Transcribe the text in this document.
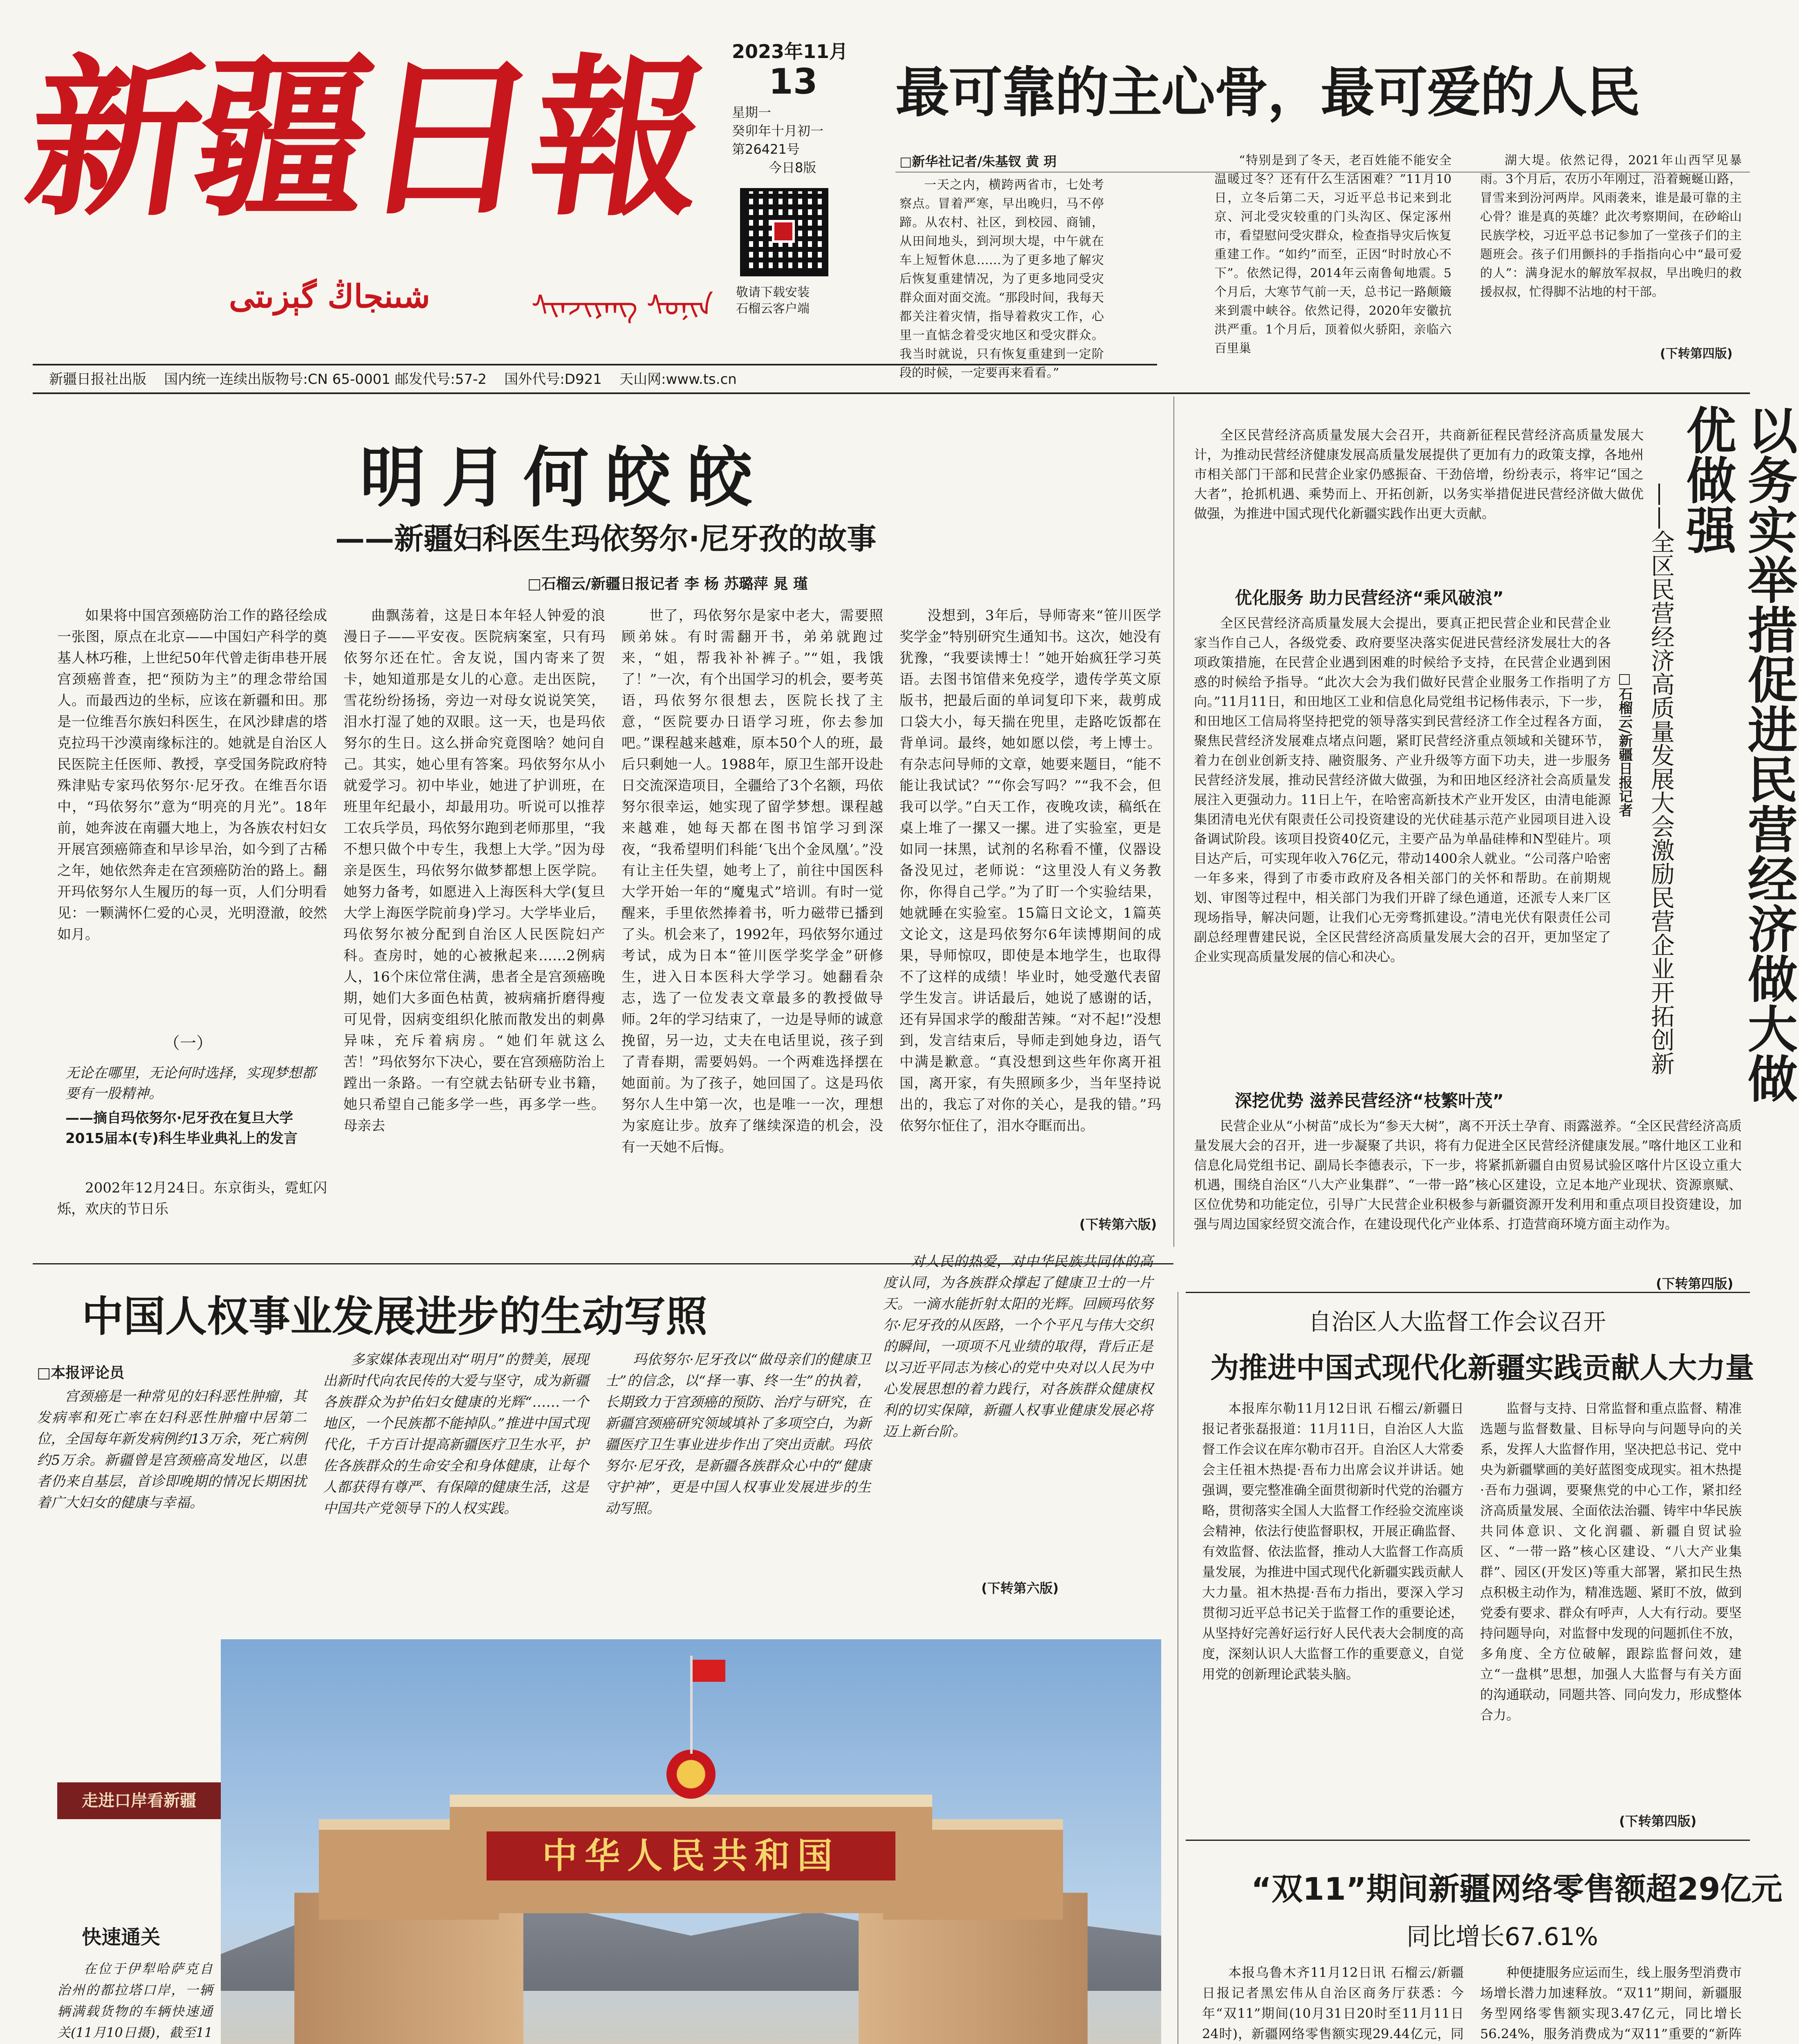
新疆日報
شىنجاڭ گېزىتى	ᠰᠢᠨᠵᠢᠶᠠᠩ ᠰᠣᠨᠢᠨ
2023年11月
13
星期一
癸卯年十月初一
第26421号
今日8版
敬请下载安装
石榴云客户端
新疆日报社出版 国内统一连续出版物号:CN 65-0001 邮发代号:57-2 国外代号:D921 天山网:www.ts.cn
最可靠的主心骨，最可爱的人民
□新华社记者/朱基钗 黄 玥

一天之内，横跨两省市，七处考察点。冒着严寒，早出晚归，马不停蹄。从农村、社区，到校园、商铺，从田间地头，到河坝大堤，中午就在车上短暂休息……为了更多地了解灾后恢复重建情况，为了更多地同受灾群众面对面交流。“那段时间，我每天都关注着灾情，指导着救灾工作，心里一直惦念着受灾地区和受灾群众。我当时就说，只有恢复重建到一定阶段的时候，一定要再来看看。”

“特别是到了冬天，老百姓能不能安全温暖过冬？还有什么生活困难？”11月10日，立冬后第二天，习近平总书记来到北京、河北受灾较重的门头沟区、保定涿州市，看望慰问受灾群众，检查指导灾后恢复重建工作。“如约”而至，正因“时时放心不下”。依然记得，2014年云南鲁甸地震。5个月后，大寒节气前一天，总书记一路颠簸来到震中峡谷。依然记得，2020年安徽抗洪严重。1个月后，顶着似火骄阳，亲临六百里巢

湖大堤。依然记得，2021年山西罕见暴雨。3个月后，农历小年刚过，沿着蜿蜒山路，冒雪来到汾河两岸。风雨袭来，谁是最可靠的主心骨？谁是真的英雄？此次考察期间，在砂峪山民族学校，习近平总书记参加了一堂孩子们的主题班会。孩子们用颤抖的手指指向心中“最可爱的人”：满身泥水的解放军叔叔，早出晚归的救援叔叔，忙得脚不沾地的村干部。

(下转第四版)
明月何皎皎
——新疆妇科医生玛依努尔·尼牙孜的故事
□石榴云/新疆日报记者 李 杨 苏璐萍 晁 瑾

如果将中国宫颈癌防治工作的路径绘成一张图，原点在北京——中国妇产科学的奠基人林巧稚，上世纪50年代曾走街串巷开展宫颈癌普查，把“预防为主”的理念带给国人。而最西边的坐标，应该在新疆和田。那是一位维吾尔族妇科医生，在风沙肆虐的塔克拉玛干沙漠南缘标注的。她就是自治区人民医院主任医师、教授，享受国务院政府特殊津贴专家玛依努尔·尼牙孜。在维吾尔语中，“玛依努尔”意为“明亮的月光”。18年前，她奔波在南疆大地上，为各族农村妇女开展宫颈癌筛查和早诊早治，如今到了古稀之年，她依然奔走在宫颈癌防治的路上。翻开玛依努尔人生履历的每一页，人们分明看见：一颗满怀仁爱的心灵，光明澄澈，皎然如月。

（一）
无论在哪里，无论何时选择，实现梦想都要有一股精神。
——摘自玛依努尔·尼牙孜在复旦大学2015届本(专)科生毕业典礼上的发言

2002年12月24日。东京街头，霓虹闪烁，欢庆的节日乐

曲飘荡着，这是日本年轻人钟爱的浪漫日子——平安夜。医院病案室，只有玛依努尔还在忙。舍友说，国内寄来了贺卡，她知道那是女儿的心意。走出医院，雪花纷纷扬扬，旁边一对母女说说笑笑，泪水打湿了她的双眼。这一天，也是玛依努尔的生日。这么拼命究竟图啥？她问自己。其实，她心里有答案。玛依努尔从小就爱学习。初中毕业，她进了护训班，在班里年纪最小，却最用功。听说可以推荐工农兵学员，玛依努尔跑到老师那里，“我不想只做个中专生，我想上大学。”因为母亲是医生，玛依努尔做梦都想上医学院。她努力备考，如愿进入上海医科大学(复旦大学上海医学院前身)学习。大学毕业后，玛依努尔被分配到自治区人民医院妇产科。查房时，她的心被揪起来……2例病人，16个床位常住满，患者全是宫颈癌晚期，她们大多面色枯黄，被病痛折磨得瘦可见骨，因病变组织化脓而散发出的刺鼻异味，充斥着病房。“她们年就这么苦！”玛依努尔下决心，要在宫颈癌防治上蹚出一条路。一有空就去钻研专业书籍，她只希望自己能多学一些，再多学一些。母亲去

世了，玛依努尔是家中老大，需要照顾弟妹。有时需翻开书，弟弟就跑过来，“姐，帮我补补裤子。”“姐，我饿了！”一次，有个出国学习的机会，要考英语，玛依努尔很想去，医院长找了主意，“医院要办日语学习班，你去参加吧。”课程越来越难，原本50个人的班，最后只剩她一人。1988年，原卫生部开设赴日交流深造项目，全疆给了3个名额，玛依努尔很幸运，她实现了留学梦想。课程越来越难，她每天都在图书馆学习到深夜，“我希望明们科能‘飞出个金凤凰’。”没有让主任失望，她考上了，前往中国医科大学开始一年的“魔鬼式”培训。有时一觉醒来，手里依然捧着书，听力磁带已播到了头。机会来了，1992年，玛依努尔通过考试，成为日本“笹川医学奖学金”研修生，进入日本医科大学学习。她翻看杂志，选了一位发表文章最多的教授做导师。2年的学习结束了，一边是导师的诚意挽留，另一边，丈夫在电话里说，孩子到了青春期，需要妈妈。一个两难选择摆在她面前。为了孩子，她回国了。这是玛依努尔人生中第一次，也是唯一一次，理想为家庭让步。放弃了继续深造的机会，没有一天她不后悔。

没想到，3年后，导师寄来“笹川医学奖学金”特别研究生通知书。这次，她没有犹豫，“我要读博士！”她开始疯狂学习英语。去图书馆借来免疫学，遗传学英文原版书，把最后面的单词复印下来，裁剪成口袋大小，每天揣在兜里，走路吃饭都在背单词。最终，她如愿以偿，考上博士。有杂志问导师的文章，她要来题目，“能不能让我试试？”“你会写吗？”“我不会，但我可以学。”白天工作，夜晚攻读，稿纸在桌上堆了一摞又一摞。进了实验室，更是如同一抹黑，试剂的名称看不懂，仪器设备没见过，老师说：“这里没人有义务教你，你得自己学。”为了盯一个实验结果，她就睡在实验室。15篇日文论文，1篇英文论文，这是玛依努尔6年读博期间的成果，导师惊叹，即使是本地学生，也取得不了这样的成绩！毕业时，她受邀代表留学生发言。讲话最后，她说了感谢的话，还有异国求学的酸甜苦辣。“对不起!”没想到，发言结束后，导师走到她身边，语气中满是歉意。“真没想到这些年你离开祖国，离开家，有失照顾多少，当年坚持说出的，我忘了对你的关心，是我的错。”玛依努尔怔住了，泪水夺眶而出。

(下转第六版)

全区民营经济高质量发展大会召开，共商新征程民营经济高质量发展大计，为推动民营经济健康发展高质量发展提供了更加有力的政策支撑，各地州市相关部门干部和民营企业家仍感振奋、干劲倍增，纷纷表示，将牢记“国之大者”，抢抓机遇、乘势而上、开拓创新，以务实举措促进民营经济做大做优做强，为推进中国式现代化新疆实践作出更大贡献。	以务实举措促进民营经济做大做优做强
——全区民营经济高质量发展大会激励民营企业开拓创新
□石榴云/新疆日报记者
优化服务 助力民营经济“乘风破浪”

全区民营经济高质量发展大会提出，要真正把民营企业和民营企业家当作自己人，各级党委、政府要坚决落实促进民营经济发展壮大的各项政策措施，在民营企业遇到困难的时候给予支持，在民营企业遇到困惑的时候给予指导。“此次大会为我们做好民营企业服务工作指明了方向。”11月11日，和田地区工业和信息化局党组书记杨伟表示，下一步，和田地区工信局将坚持把党的领导落实到民营经济工作全过程各方面，聚焦民营经济发展难点堵点问题，紧盯民营经济重点领域和关键环节，着力在创业创新支持、融资服务、产业升级等方面下功夫，进一步服务民营经济发展，推动民营经济做大做强，为和田地区经济社会高质量发展注入更强动力。11日上午，在哈密高新技术产业开发区，由清电能源集团清电光伏有限责任公司投资建设的光伏硅基示范产业园项目进入设备调试阶段。该项目投资40亿元，主要产品为单晶硅棒和N型硅片。项目达产后，可实现年收入76亿元，带动1400余人就业。“公司落户哈密一年多来，得到了市委市政府及各相关部门的关怀和帮助。在前期规划、审图等过程中，相关部门为我们开辟了绿色通道，还派专人来厂区现场指导，解决问题，让我们心无旁骛抓建设。”清电光伏有限责任公司副总经理曹建民说，全区民营经济高质量发展大会的召开，更加坚定了企业实现高质量发展的信心和决心。

深挖优势 滋养民营经济“枝繁叶茂”

民营企业从“小树苗”成长为“参天大树”，离不开沃土孕育、雨露滋养。“全区民营经济高质量发展大会的召开，进一步凝聚了共识，将有力促进全区民营经济健康发展。”喀什地区工业和信息化局党组书记、副局长李德表示，下一步，将紧抓新疆自由贸易试验区喀什片区设立重大机遇，围绕自治区“八大产业集群”、“一带一路”核心区建设，立足本地产业现状、资源禀赋、区位优势和功能定位，引导广大民营企业积极参与新疆资源开发利用和重点项目投资建设，加强与周边国家经贸交流合作，在建设现代化产业体系、打造营商环境方面主动作为。

(下转第四版)
中国人权事业发展进步的生动写照
□本报评论员

宫颈癌是一种常见的妇科恶性肿瘤，其发病率和死亡率在妇科恶性肿瘤中居第二位，全国每年新发病例约13万余，死亡病例约5万余。新疆曾是宫颈癌高发地区，以患者仍来自基层，首诊即晚期的情况长期困扰着广大妇女的健康与幸福。

多家媒体表现出对“明月”的赞美，展现出新时代向农民传的大爱与坚守，成为新疆各族群众为护佑妇女健康的光辉“……一个地区，一个民族都不能掉队。”推进中国式现代化，千方百计提高新疆医疗卫生水平，护佐各族群众的生命安全和身体健康，让每个人都获得有尊严、有保障的健康生活，这是中国共产党领导下的人权实践。

玛依努尔·尼牙孜以“做母亲们的健康卫士”的信念，以“择一事、终一生”的执着，长期致力于宫颈癌的预防、治疗与研究，在新疆宫颈癌研究领域填补了多项空白，为新疆医疗卫生事业进步作出了突出贡献。玛依努尔·尼牙孜，是新疆各族群众心中的“健康守护神”，更是中国人权事业发展进步的生动写照。

对人民的热爱，对中华民族共同体的高度认同，为各族群众撑起了健康卫士的一片天。一滴水能折射太阳的光辉。回顾玛依努尔·尼牙孜的从医路，一个个平凡与伟大交织的瞬间，一项项不凡业绩的取得，背后正是以习近平同志为核心的党中央对以人民为中心发展思想的着力践行，对各族群众健康权利的切实保障，新疆人权事业健康发展必将迈上新台阶。

(下转第六版)
中华人民共和国
走进口岸看新疆
快速通关

在位于伊犁哈萨克自治州的都拉塔口岸，一辆辆满载货物的车辆快速通关(11月10日摄)，截至11

自治区人大监督工作会议召开
为推进中国式现代化新疆实践贡献人大力量

本报库尔勒11月12日讯 石榴云/新疆日报记者张磊报道：11月11日，自治区人大监督工作会议在库尔勒市召开。自治区人大常委会主任祖木热提·吾布力出席会议并讲话。她强调，要完整准确全面贯彻新时代党的治疆方略，贯彻落实全国人大监督工作经验交流座谈会精神，依法行使监督职权，开展正确监督、有效监督、依法监督，推动人大监督工作高质量发展，为推进中国式现代化新疆实践贡献人大力量。祖木热提·吾布力指出，要深入学习贯彻习近平总书记关于监督工作的重要论述，从坚持好完善好运行好人民代表大会制度的高度，深刻认识人大监督工作的重要意义，自觉用党的创新理论武装头脑。

监督与支持、日常监督和重点监督、精准选题与监督数量、目标导向与问题导向的关系，发挥人大监督作用，坚决把总书记、党中央为新疆擘画的美好蓝图变成现实。祖木热提·吾布力强调，要聚焦党的中心工作，紧扣经济高质量发展、全面依法治疆、铸牢中华民族共同体意识、文化润疆、新疆自贸试验区、“一带一路”核心区建设、“八大产业集群”、园区(开发区)等重大部署，紧扣民生热点积极主动作为，精准选题、紧盯不放，做到党委有要求、群众有呼声，人大有行动。要坚持问题导向，对监督中发现的问题抓住不放，多角度、全方位破解，跟踪监督问效，建立“一盘棋”思想，加强人大监督与有关方面的沟通联动，同题共答、同向发力，形成整体合力。

(下转第四版)
“双11”期间新疆网络零售额超29亿元
同比增长67.61%

本报乌鲁木齐11月12日讯 石榴云/新疆日报记者黑宏伟从自治区商务厅获悉：今年“双11”期间(10月31日20时至11月11日24时)，新疆网络零售额实现29.44亿元，同

种便捷服务应运而生，线上服务型消费市场增长潜力加速释放。“双11”期间，新疆服务型网络零售额实现3.47亿元，同比增长56.24%，服务消费成为“双11”重要的“新阵
